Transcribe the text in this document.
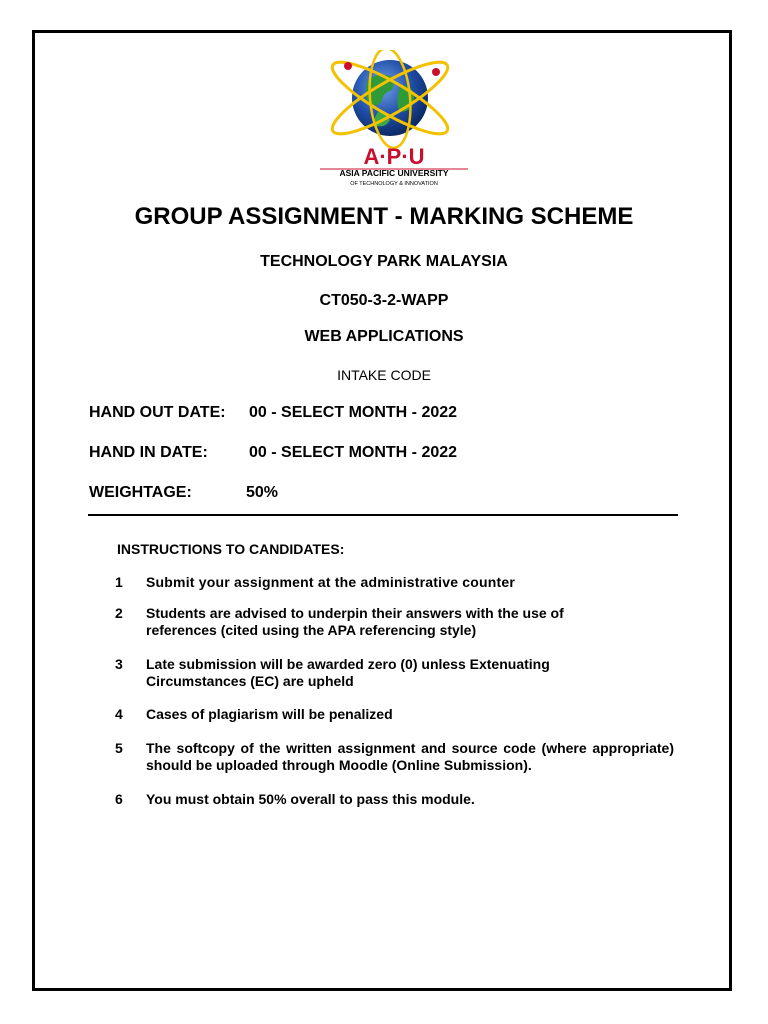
A·P·U
ASIA PACIFIC UNIVERSITY
OF TECHNOLOGY & INNOVATION
GROUP ASSIGNMENT - MARKING SCHEME
TECHNOLOGY PARK MALAYSIA
CT050-3-2-WAPP
WEB APPLICATIONS
INTAKE CODE
HAND OUT DATE: 00 - SELECT MONTH - 2022
HAND IN DATE:	00 - SELECT MONTH - 2022
WEIGHTAGE:	50%
INSTRUCTIONS TO CANDIDATES:
1 Submit your assignment at the administrative counter
2 Students are advised to underpin their answers with the use of references (cited using the APA referencing style)
3 Late submission will be awarded zero (0) unless Extenuating Circumstances (EC) are upheld
4 Cases of plagiarism will be penalized
5 The softcopy of the written assignment and source code (where appropriate) should be uploaded through Moodle (Online Submission).
6 You must obtain 50% overall to pass this module.
